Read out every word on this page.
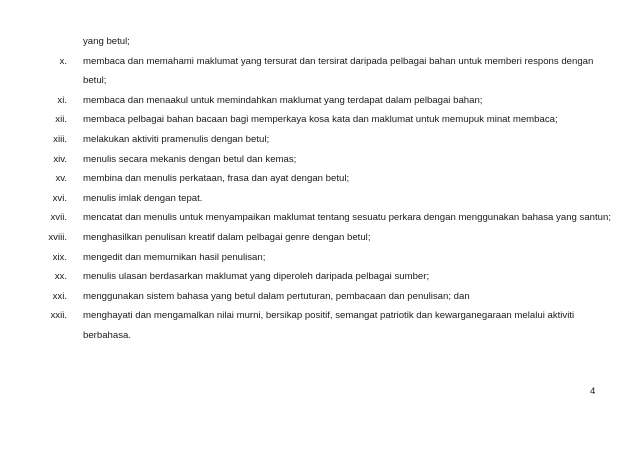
yang betul;
x. membaca dan memahami maklumat yang tersurat dan tersirat daripada pelbagai bahan untuk memberi respons dengan
betul;
xi. membaca dan menaakul untuk memindahkan maklumat yang terdapat dalam pelbagai bahan;
xii. membaca pelbagai bahan bacaan bagi memperkaya kosa kata dan maklumat untuk memupuk minat membaca;
xiii. melakukan aktiviti pramenulis dengan betul;
xiv. menulis secara mekanis dengan betul dan kemas;
xv. membina dan menulis perkataan, frasa dan ayat dengan betul;
xvi. menulis imlak dengan tepat.
xvii. mencatat dan menulis untuk menyampaikan maklumat tentang sesuatu perkara dengan menggunakan bahasa yang santun;
xviii. menghasilkan penulisan kreatif dalam pelbagai genre dengan betul;
xix. mengedit dan memurnikan hasil penulisan;
xx. menulis ulasan berdasarkan maklumat yang diperoleh daripada pelbagai sumber;
xxi. menggunakan sistem bahasa yang betul dalam pertuturan, pembacaan dan penulisan; dan
xxii. menghayati dan mengamalkan nilai murni, bersikap positif, semangat patriotik dan kewarganegaraan melalui aktiviti
berbahasa.
4
